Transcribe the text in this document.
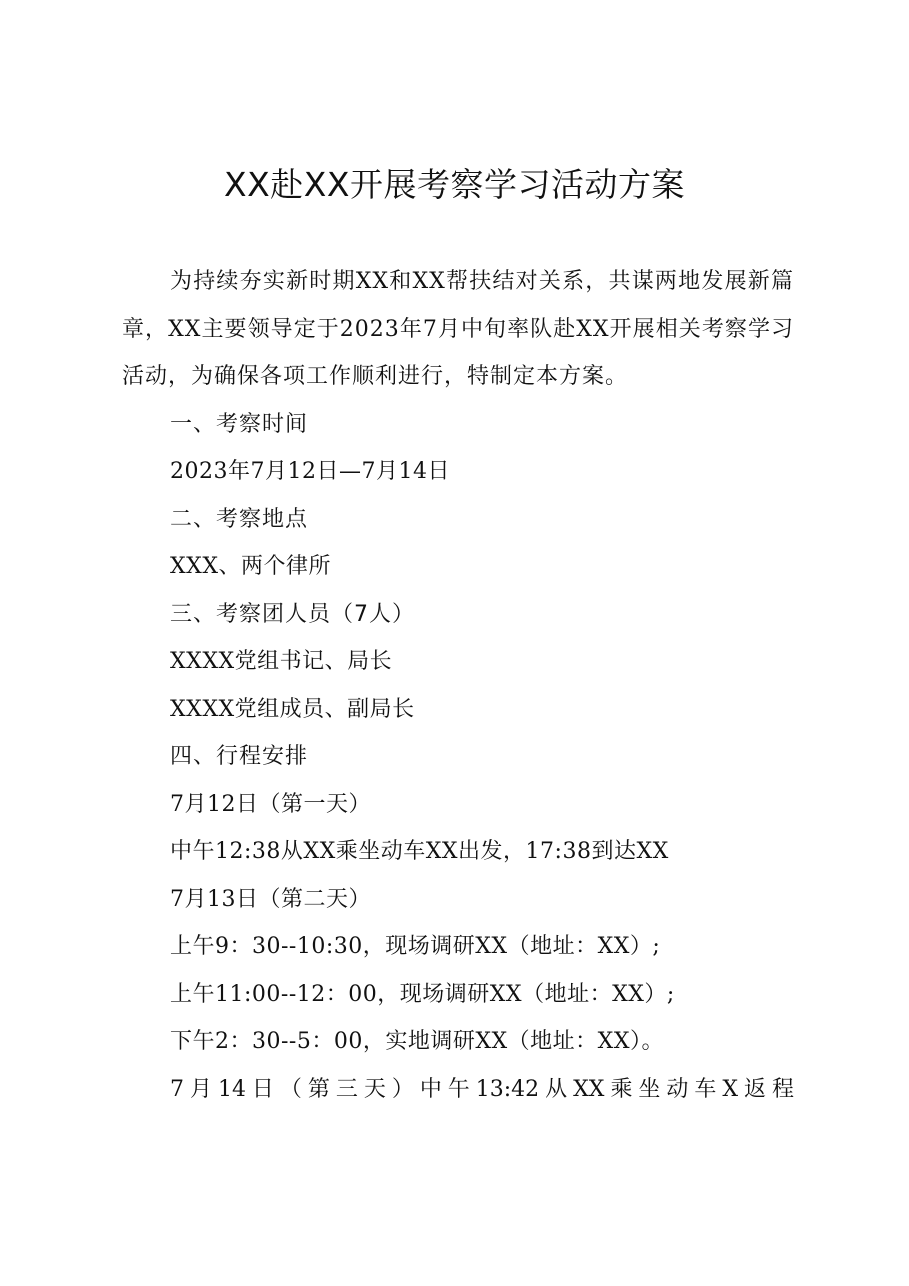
XX赴XX开展考察学习活动方案

为持续夯实新时期XX和XX帮扶结对关系，共谋两地发展新篇章，XX主要领导定于2023年7月中旬率队赴XX开展相关考察学习活动，为确保各项工作顺利进行，特制定本方案。

一、考察时间

2023年7月12日—7月14日

二、考察地点

XXX、两个律所

三、考察团人员（7人）

XXXX党组书记、局长

XXXX党组成员、副局长

四、行程安排

7月12日（第一天）

中午12:38从XX乘坐动车XX出发，17:38到达XX

7月13日（第二天）

上午9：30--10:30，现场调研XX（地址：XX）;

上午11:00--12：00，现场调研XX（地址：XX）;

下午2：30--5：00，实地调研XX（地址：XX）。

7月14日（第三天）中午13:42从XX乘坐动车X返程
